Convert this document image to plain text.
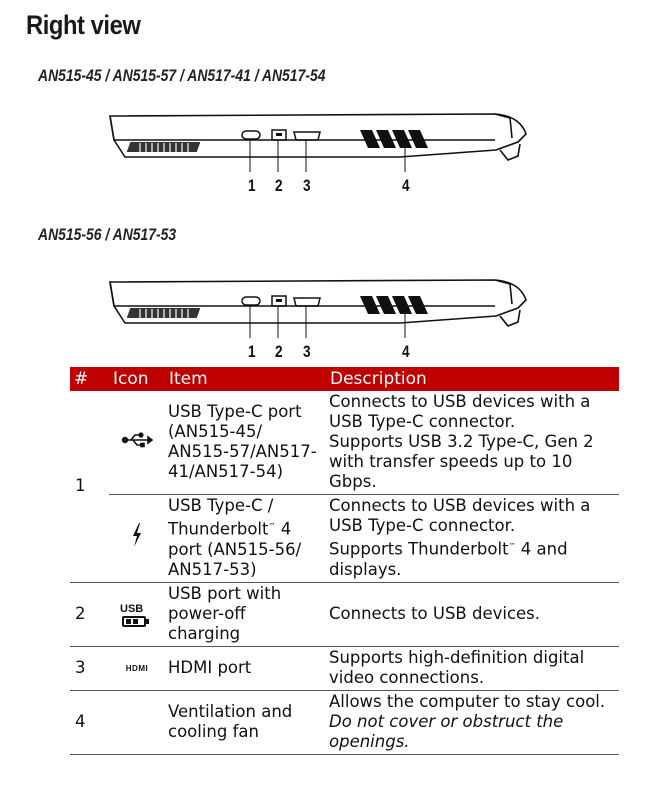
Right view
AN515-45 / AN515-57 / AN517-41 / AN517-54
1 2 3	4
AN515-56 / AN517-53
1 2 3	4
#	Icon	Item	Description
1		USB Type-C port (AN515-45/ AN515-57/AN517-41/AN517-54)	Connects to USB devices with a USB Type-C connector.

Supports USB 3.2 Type-C, Gen 2 with transfer speeds up to 10 Gbps.

	USB Type-C / Thunderbolt™ 4 port (AN515-56/ AN517-53)	Connects to USB devices with a USB Type-C connector.

Supports Thunderbolt™ 4 and displays.

2	USB	USB port with power-off charging	Connects to USB devices.
3	HDMI	HDMI port	Supports high-definition digital video connections.
4		Ventilation and cooling fan	Allows the computer to stay cool.

Do not cover or obstruct the openings.
